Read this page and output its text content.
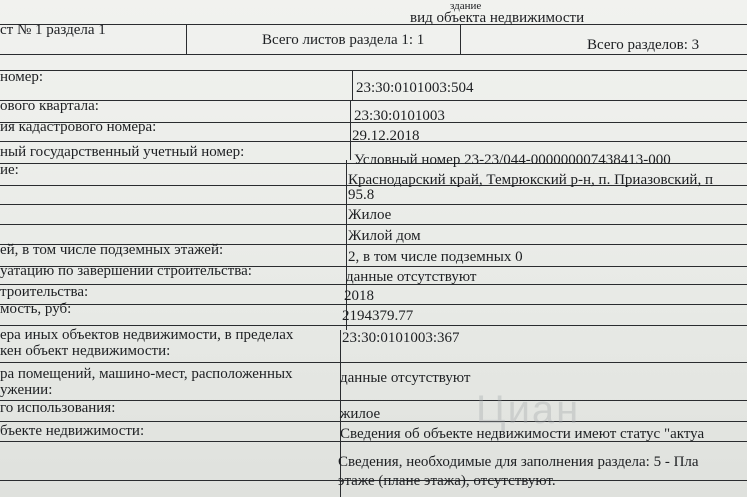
здание
вид объекта недвижимости
ст № 1 раздела 1
Всего листов раздела 1: 1	Всего разделов: 3
номер:
ового квартала:
ия кадастрового номера:
ный государственный учетный номер:
ие:
ей, в том числе подземных этажей:
уатацию по завершении строительства:
троительства:
мость, руб:
ера иных объектов недвижимости, в пределах
кен объект недвижимости:
ра помещений, машино-мест, расположенных
ужении:
го использования:
бъекте недвижимости:
23:30:0101003:504
23:30:0101003
29.12.2018
Условный номер 23-23/044-000000007438413-000
Краснодарский край, Темрюкский р-н, п. Приазовский, п
95.8
Жилое
Жилой дом
2, в том числе подземных 0
данные отсутствуют
2018
2194379.77
23:30:0101003:367
данные отсутствуют
жилое
Сведения об объекте недвижимости имеют статус "актуа
Сведения, необходимые для заполнения раздела: 5 - Пла
этаже (плане этажа), отсутствуют.
Циан
